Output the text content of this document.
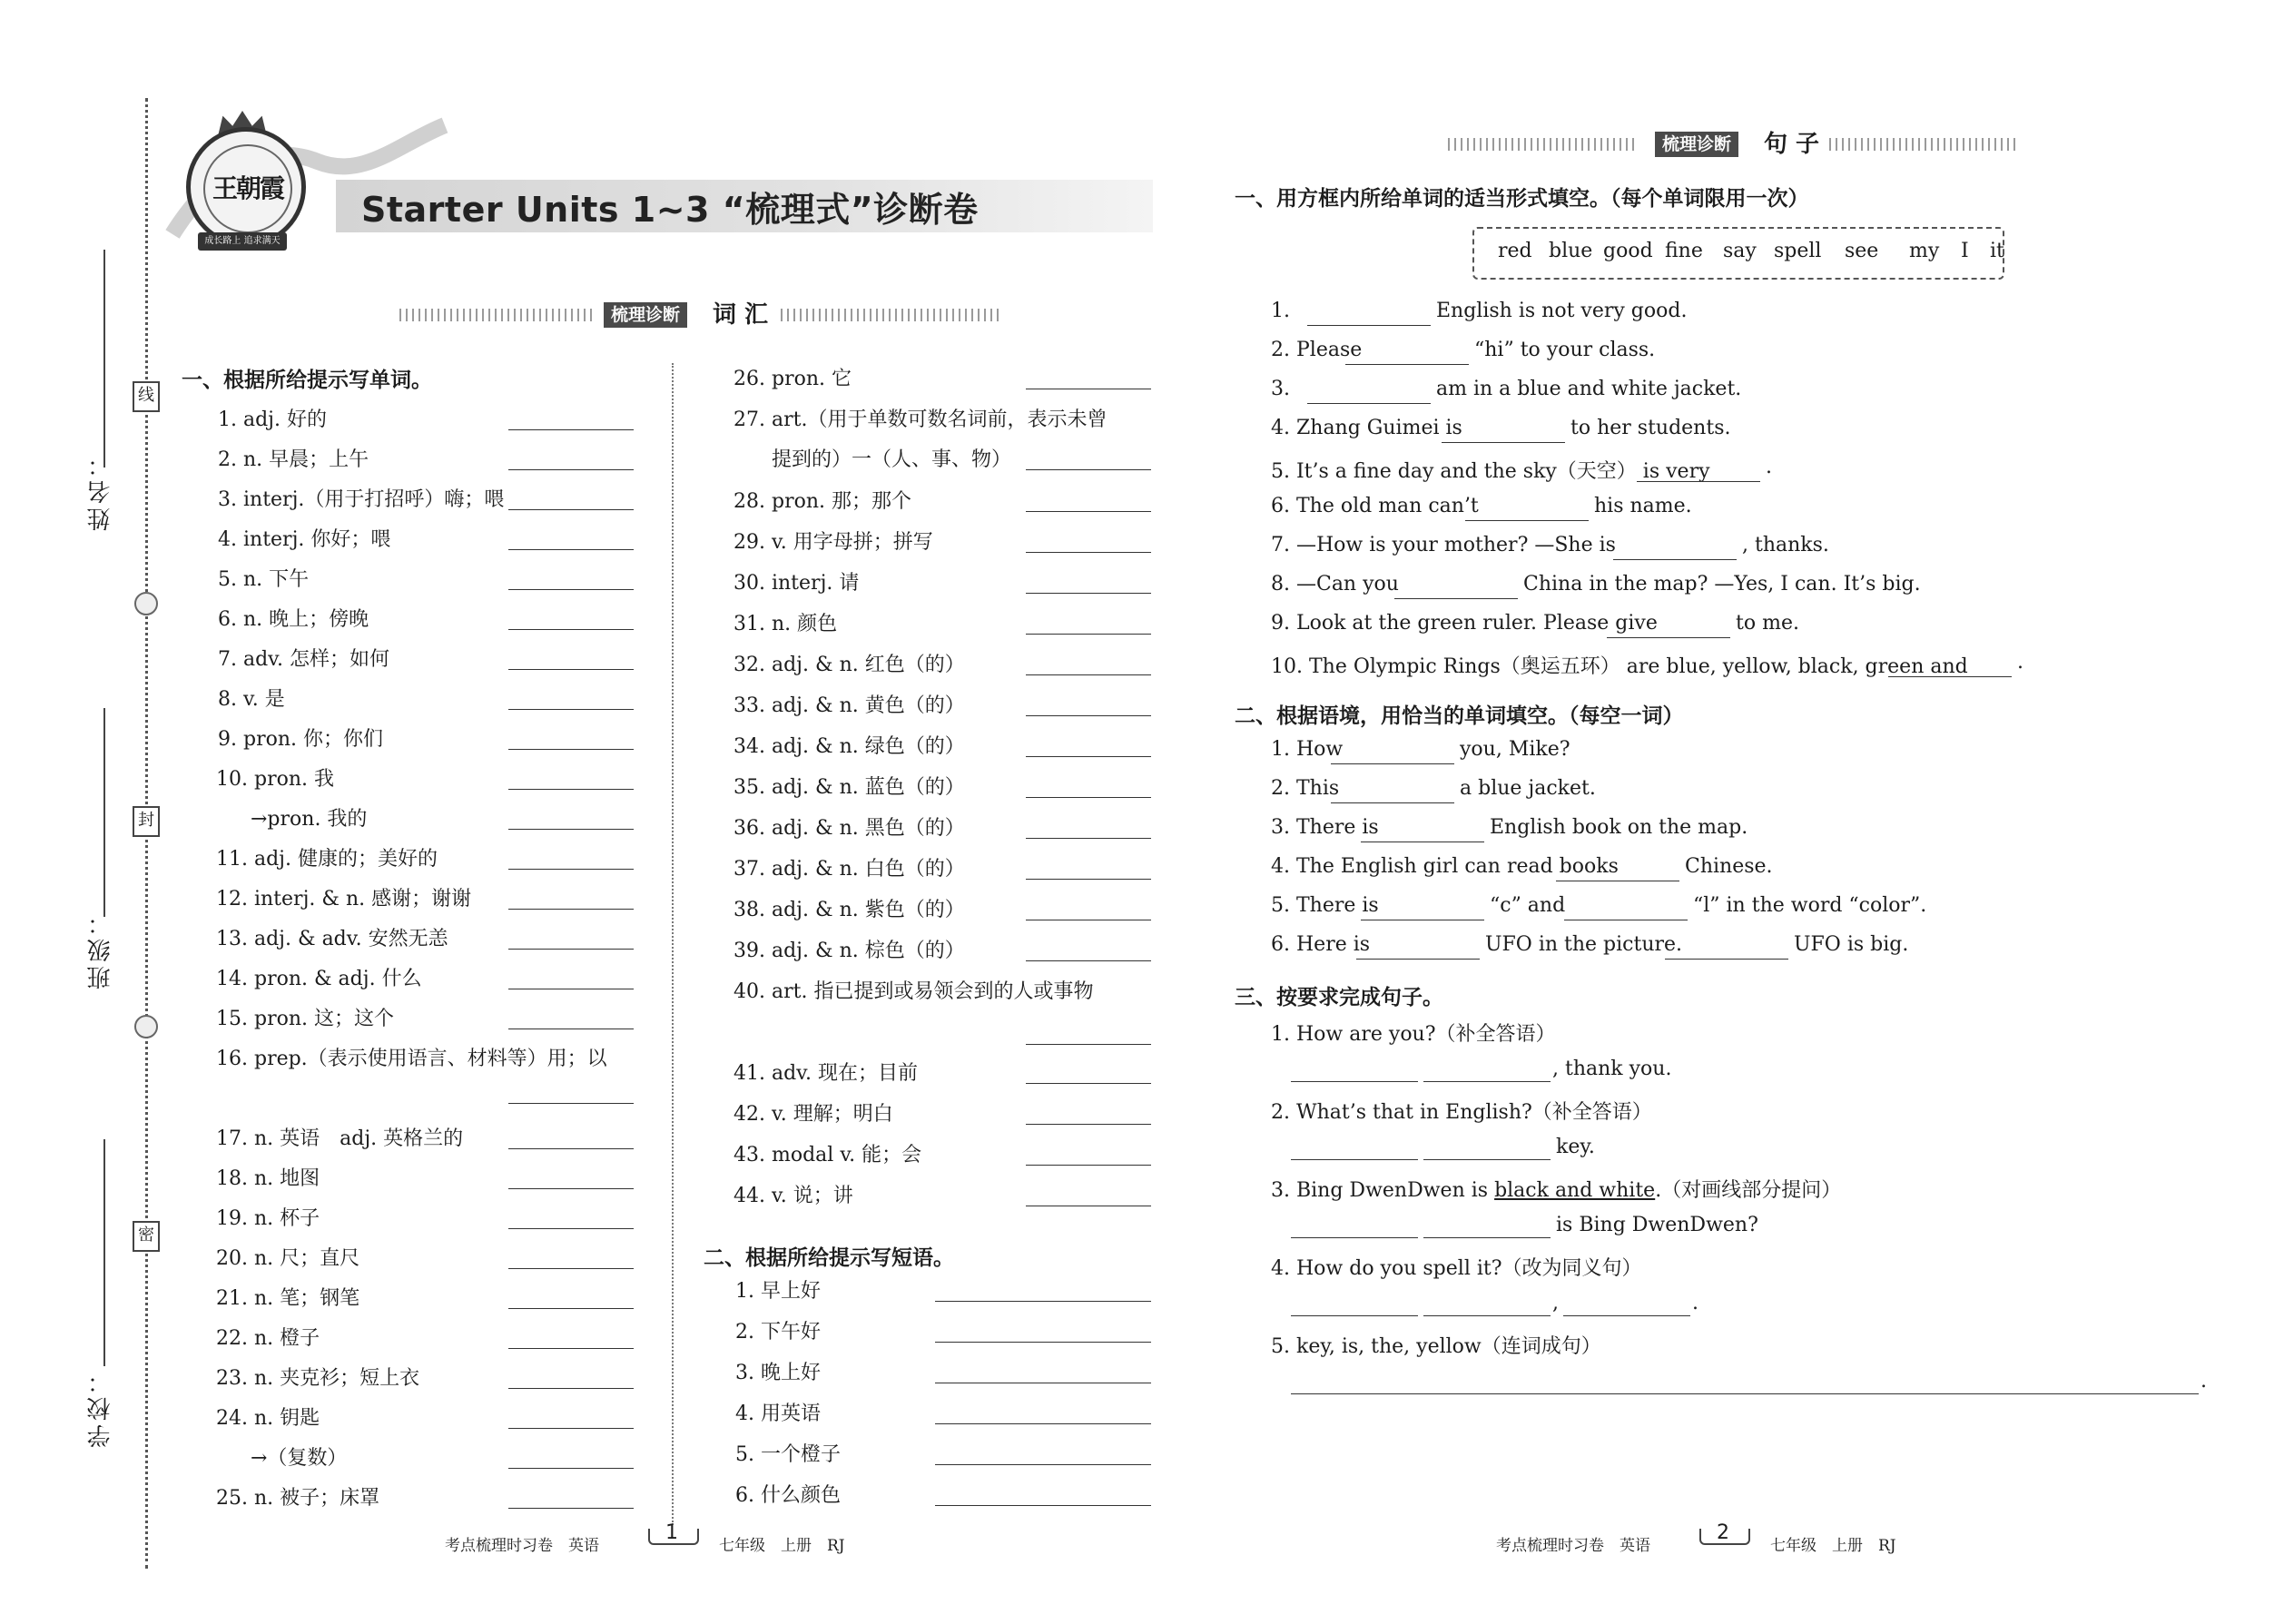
姓名：
班级：
学校：
线
封
密
王朝霞
成长路上 追求满天
Starter Units 1~3 “梳理式”诊断卷
梳理诊断	词 汇
一、根据所给提示写单词。
1. adj. 好的
2. n. 早晨；上午
3. interj.（用于打招呼）嗨；喂
4. interj. 你好；喂
5. n. 下午
6. n. 晚上；傍晚
7. adv. 怎样；如何
8. v. 是
9. pron. 你；你们
10. pron. 我
→pron. 我的
11. adj. 健康的；美好的
12. interj. & n. 感谢；谢谢
13. adj. & adv. 安然无恙
14. pron. & adj. 什么
15. pron. 这；这个
16. prep.（表示使用语言、材料等）用；以
17. n. 英语　adj. 英格兰的
18. n. 地图
19. n. 杯子
20. n. 尺；直尺
21. n. 笔；钢笔
22. n. 橙子
23. n. 夹克衫；短上衣
24. n. 钥匙
→（复数）
25. n. 被子；床罩
26. pron. 它
27. art.（用于单数可数名词前，表示未曾
提到的）一（人、事、物）
28. pron. 那；那个
29. v. 用字母拼；拼写
30. interj. 请
31. n. 颜色
32. adj. & n. 红色（的）
33. adj. & n. 黄色（的）
34. adj. & n. 绿色（的）
35. adj. & n. 蓝色（的）
36. adj. & n. 黑色（的）
37. adj. & n. 白色（的）
38. adj. & n. 紫色（的）
39. adj. & n. 棕色（的）
40. art. 指已提到或易领会到的人或事物
41. adv. 现在；目前
42. v. 理解；明白
43. modal v. 能；会
44. v. 说；讲
二、根据所给提示写短语。
1. 早上好
2. 下午好
3. 晚上好
4. 用英语
5. 一个橙子
6. 什么颜色
梳理诊断	句 子
一、用方框内所给单词的适当形式填空。（每个单词限用一次）
red blue good fine say spell see my I it
1.	English is not very good.
2. Please	“hi” to your class.
3.	am in a blue and white jacket.
4. Zhang Guimei is	to her students.
5. It’s a fine day and the sky（天空） is very	.
6. The old man can’t	his name.
7. —How is your mother? —She is	, thanks.
8. —Can you	China in the map? —Yes, I can. It’s big.
9. Look at the green ruler. Please give	to me.
10. The Olympic Rings（奥运五环） are blue, yellow, black, green and .
二、根据语境，用恰当的单词填空。（每空一词）
1. How	you, Mike?
2. This	a blue jacket.
3. There is	English book on the map.
4. The English girl can read books	Chinese.
5. There is	“c” and	“l” in the word “color”.
6. Here is	UFO in the picture.	UFO is big.
三、按要求完成句子。
1. How are you?（补全答语）
, thank you.
2. What’s that in English?（补全答语）
key.
3. Bing DwenDwen is black and white.（对画线部分提问）
is Bing DwenDwen?
4. How do you spell it?（改为同义句）
,	.
5. key, is, the, yellow（连词成句）
.
考点梳理时习卷　英语
1
七年级　上册　RJ	考点梳理时习卷　英语
2
七年级　上册　RJ
